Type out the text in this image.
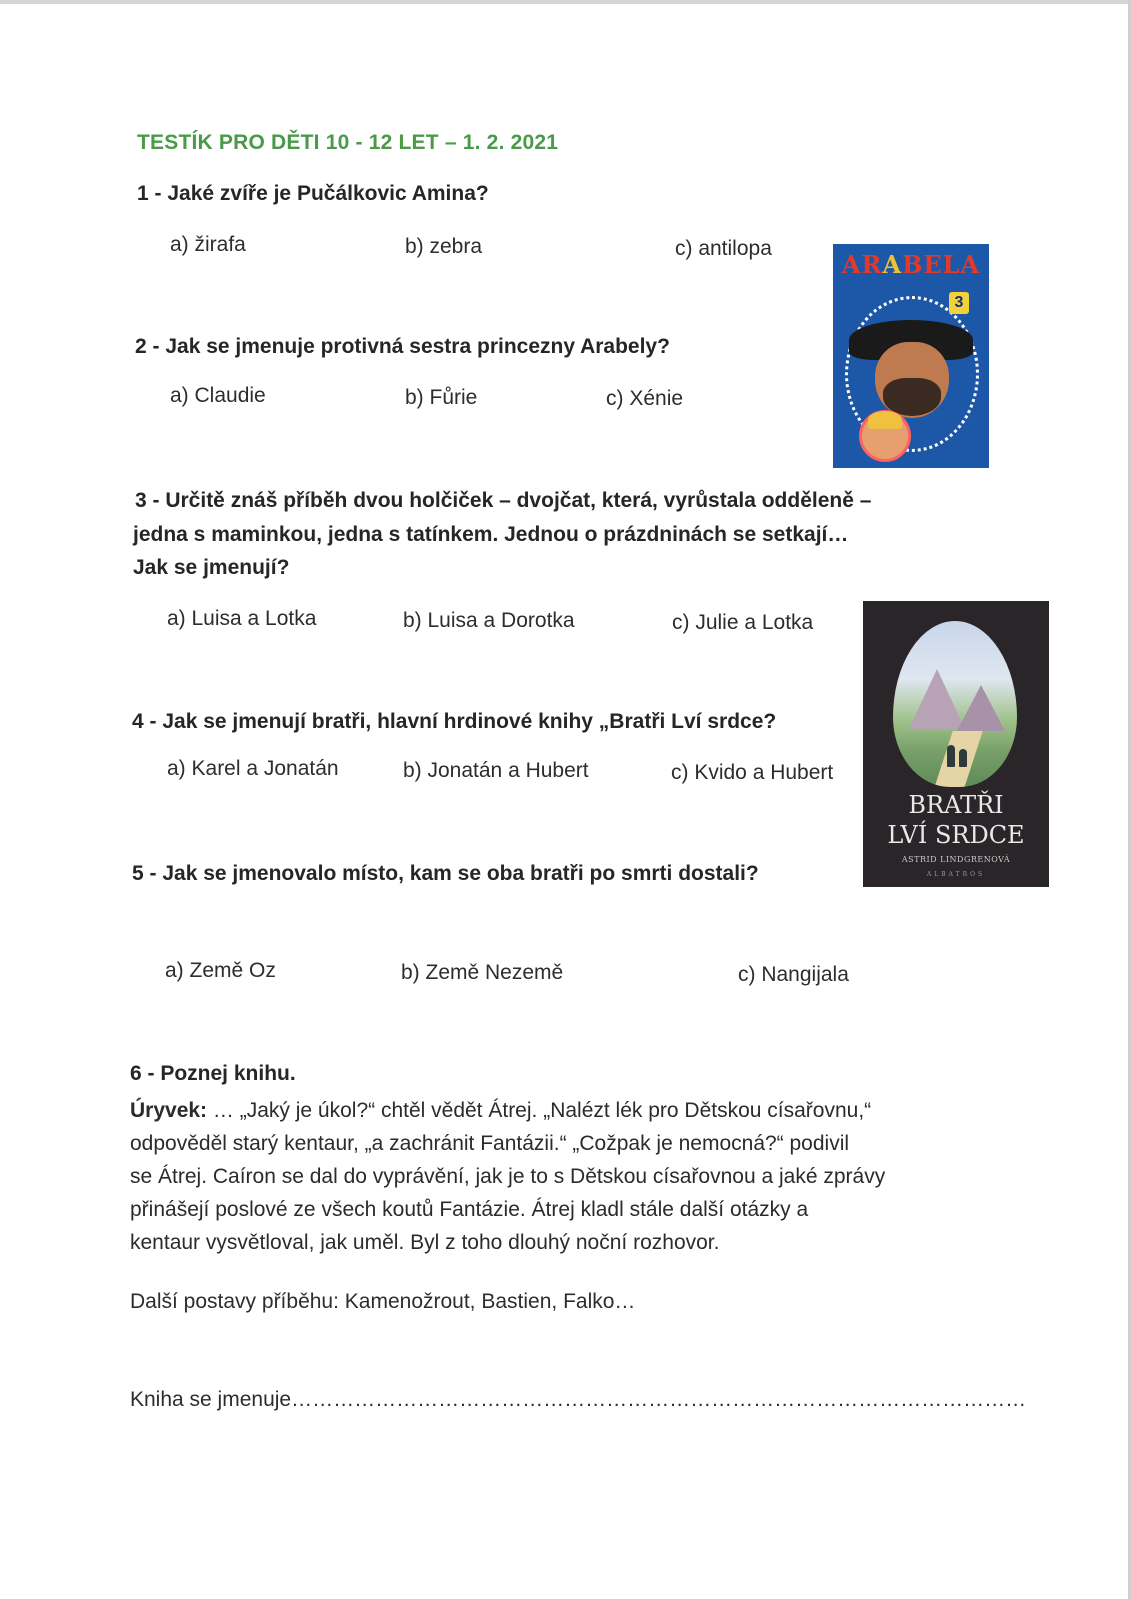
TESTÍK PRO DĚTI 10 - 12 LET – 1. 2. 2021
1 - Jaké zvíře je Pučálkovic Amina?
a) žirafa	b) zebra	c) antilopa
2 - Jak se jmenuje protivná sestra princezny Arabely?
a) Claudie	b) Fůrie	c) Xénie
3 - Určitě znáš příběh dvou holčiček – dvojčat, která, vyrůstala odděleně –
jedna s maminkou, jedna s tatínkem. Jednou o prázdninách se setkají…
Jak se jmenují?
a) Luisa a Lotka	b) Luisa a Dorotka	c) Julie a Lotka
4 - Jak se jmenují bratři, hlavní hrdinové knihy „Bratři Lví srdce?
a) Karel a Jonatán	b) Jonatán a Hubert	c) Kvido a Hubert
5 - Jak se jmenovalo místo, kam se oba bratři po smrti dostali?
a) Země Oz	b) Země Nezemě	c) Nangijala
6 - Poznej knihu.
Úryvek: … „Jaký je úkol?“ chtěl vědět Átrej. „Nalézt lék pro Dětskou císařovnu,“
odpověděl starý kentaur, „a zachránit Fantázii.“ „Cožpak je nemocná?“ podivil
se Átrej. Caíron se dal do vyprávění, jak je to s Dětskou císařovnou a jaké zprávy
přinášejí poslové ze všech koutů Fantázie. Átrej kladl stále další otázky a
kentaur vysvětloval, jak uměl. Byl z toho dlouhý noční rozhovor.
Další postavy příběhu: Kamenožrout, Bastien, Falko…
Kniha se jmenuje……………………………………………………………………………………………
ARABELA
3
BRATŘI
LVÍ SRDCE
ASTRID LINDGRENOVÁ
ALBATROS
